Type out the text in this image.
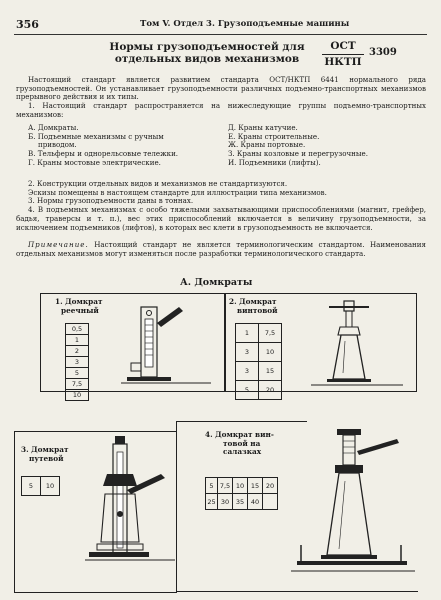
356	Том V. Отдел 3. Грузоподъемные машины
Нормы грузоподъемностей для
отдельных видов механизмов
ОСТ
НКТП
3309
Настоящий стандарт является развитием стандарта ОСТ/НКТП 6441 нормального ряда грузоподъемностей. Он устанавливает грузоподъемности различных подъемно-транспортных механизмов прерывного действия и их типы.
1. Настоящий стандарт распространяется на нижеследующие группы подъемно-транспортных механизмов:
А. Домкраты.
Б. Подъемные механизмы с ручным приводом.
В. Тельферы и однорельсовые тележки.
Г. Краны мостовые электрические.
Д. Краны катучие.
Е. Краны строительные.
Ж. Краны портовые.
З. Краны козловые и перегрузочные.
И. Подъемники (лифты).
2. Конструкции отдельных видов и механизмов не стандартизуются.
Эскизы помещены в настоящем стандарте для иллюстрации типа механизмов.
3. Нормы грузоподъемности даны в тоннах.
4. В подъемных механизмах с особо тяжелыми захватывающими приспособлениями (магнит, грейфер, бадья, траверсы и т. п.), вес этих приспособлений включается в величину грузоподъемности, за исключением подъемников (лифтов), в которых вес клети в грузоподъемность не включается.
Примечание. Настоящий стандарт не является терминологическим стандартом. Наименования отдельных механизмов могут изменяться после разработки терминологического стандарта.
А. Домкраты
1. Домкрат
реечный
0,5
1
2
3
5
7,5
10
2. Домкрат
винтовой
1	7,5
3	10
3	15
5	20
3. Домкрат
путевой
5	10
4. Домкрат вин-
товой на салазках
5	7,5	10	15	20
25	30	35	40	
